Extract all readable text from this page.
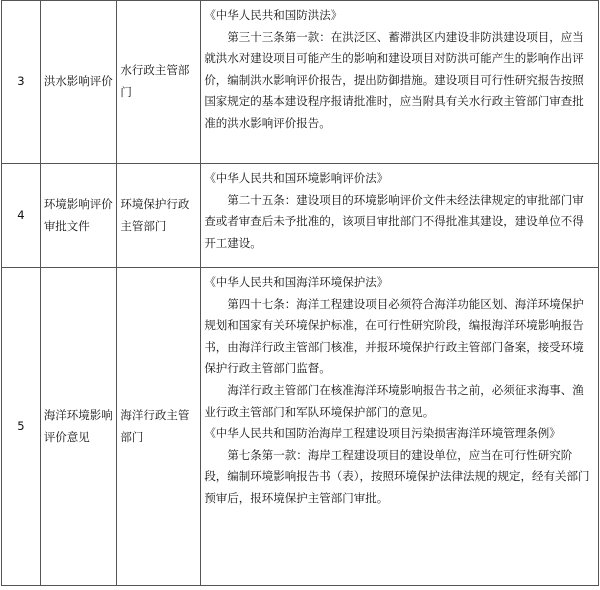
3	洪水影响评价	水行政主管部门	《中华人民共和国防洪法》

第三十三条第一款：在洪泛区、蓄滞洪区内建设非防洪建设项目，应当就洪水对建设项目可能产生的影响和建设项目对防洪可能产生的影响作出评价，编制洪水影响评价报告，提出防御措施。建设项目可行性研究报告按照国家规定的基本建设程序报请批准时，应当附具有关水行政主管部门审查批准的洪水影响评价报告。

4	环境影响评价审批文件	环境保护行政主管部门	《中华人民共和国环境影响评价法》

第二十五条：建设项目的环境影响评价文件未经法律规定的审批部门审查或者审查后未予批准的，该项目审批部门不得批准其建设，建设单位不得开工建设。

5	海洋环境影响评价意见	海洋行政主管部门	《中华人民共和国海洋环境保护法》

第四十七条：海洋工程建设项目必须符合海洋功能区划、海洋环境保护规划和国家有关环境保护标准，在可行性研究阶段，编报海洋环境影响报告书，由海洋行政主管部门核准，并报环境保护行政主管部门备案，接受环境保护行政主管部门监督。

海洋行政主管部门在核准海洋环境影响报告书之前，必须征求海事、渔业行政主管部门和军队环境保护部门的意见。

《中华人民共和国防治海岸工程建设项目污染损害海洋环境管理条例》

第七条第一款：海岸工程建设项目的建设单位，应当在可行性研究阶段，编制环境影响报告书（表），按照环境保护法律法规的规定，经有关部门预审后，报环境保护主管部门审批。
